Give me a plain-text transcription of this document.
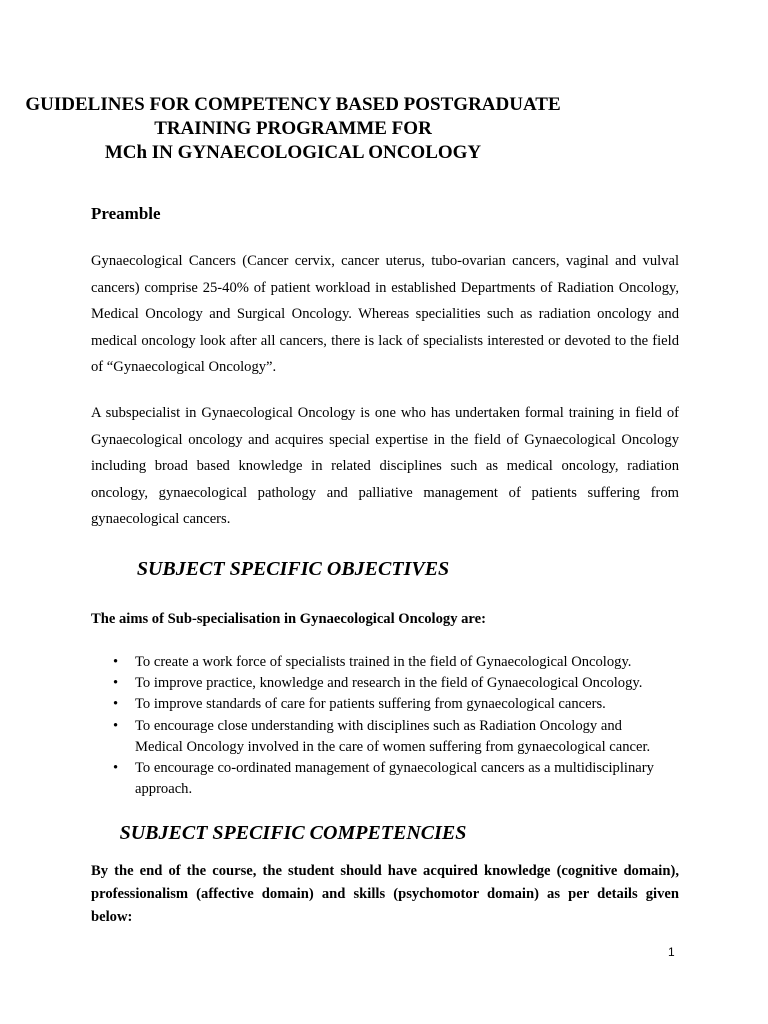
GUIDELINES FOR COMPETENCY BASED POSTGRADUATE
TRAINING PROGRAMME FOR
MCh IN GYNAECOLOGICAL ONCOLOGY
Preamble
Gynaecological Cancers (Cancer cervix, cancer uterus, tubo-ovarian cancers, vaginal and vulval cancers) comprise 25-40% of patient workload in established Departments of Radiation Oncology, Medical Oncology and Surgical Oncology. Whereas specialities such as radiation oncology and medical oncology look after all cancers, there is lack of specialists interested or devoted to the field of “Gynaecological Oncology”.
A subspecialist in Gynaecological Oncology is one who has undertaken formal training in field of Gynaecological oncology and acquires special expertise in the field of Gynaecological Oncology including broad based knowledge in related disciplines such as medical oncology, radiation oncology, gynaecological pathology and palliative management of patients suffering from gynaecological cancers.
The aims of Sub-specialisation in Gynaecological Oncology are:
• To create a work force of specialists trained in the field of Gynaecological Oncology.
• To improve practice, knowledge and research in the field of Gynaecological Oncology.
• To improve standards of care for patients suffering from gynaecological cancers.
• To encourage close understanding with disciplines such as Radiation Oncology and Medical Oncology involved in the care of women suffering from gynaecological cancer.
• To encourage co-ordinated management of gynaecological cancers as a multidisciplinary approach.
By the end of the course, the student should have acquired knowledge (cognitive domain), professionalism (affective domain) and skills (psychomotor domain) as per details given below:
SUBJECT SPECIFIC OBJECTIVES
SUBJECT SPECIFIC COMPETENCIES
1
